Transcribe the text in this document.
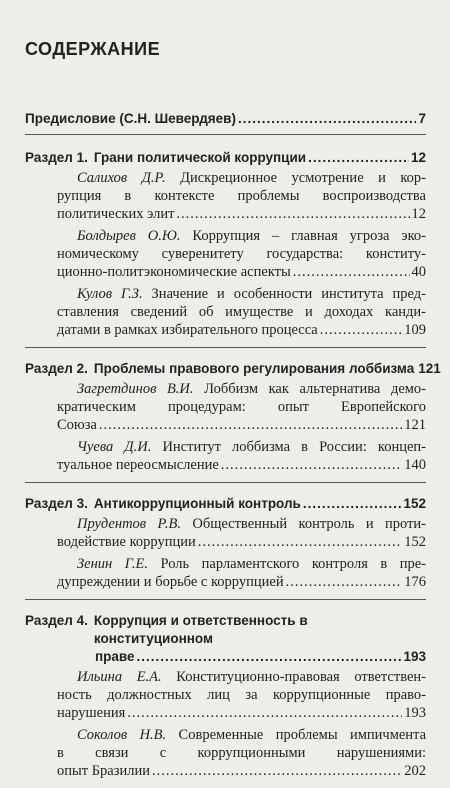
СОДЕРЖАНИЕ
Предисловие (С.Н. Шевердяев) .....	7
Раздел 1. Грани политической коррупции .....	12
Салихов Д.Р. Дискреционное усмотрение и кор-
рупция в контексте проблемы воспроизводства
политических элит .....	12
Болдырев О.Ю. Коррупция – главная угроза эко-
номическому суверенитету государства: конститу-
ционно-политэкономические аспекты .....	40
Кулов Г.З. Значение и особенности института пред-
ставления сведений об имуществе и доходах канди-
датами в рамках избирательного процесса .....	109
Раздел 2. Проблемы правового регулирования лоббизма 121
Загретдинов В.И. Лоббизм как альтернатива демо-
кратическим процедурам: опыт Европейского
Союза .....	121
Чуева Д.И. Институт лоббизма в России: концеп-
туальное переосмысление .....	140
Раздел 3. Антикоррупционный контроль .....	152
Прудентов Р.В. Общественный контроль и проти-
водействие коррупции .....	152
Зенин Г.Е. Роль парламентского контроля в пре-
дупреждении и борьбе с коррупцией .....	176
Раздел 4. Коррупция и ответственность в конституционном
праве .....	193
Ильина Е.А. Конституционно-правовая ответствен-
ность должностных лиц за коррупционные право-
нарушения .....	193
Соколов Н.В. Современные проблемы импичмента
в связи с коррупционными нарушениями:
опыт Бразилии .....	202
